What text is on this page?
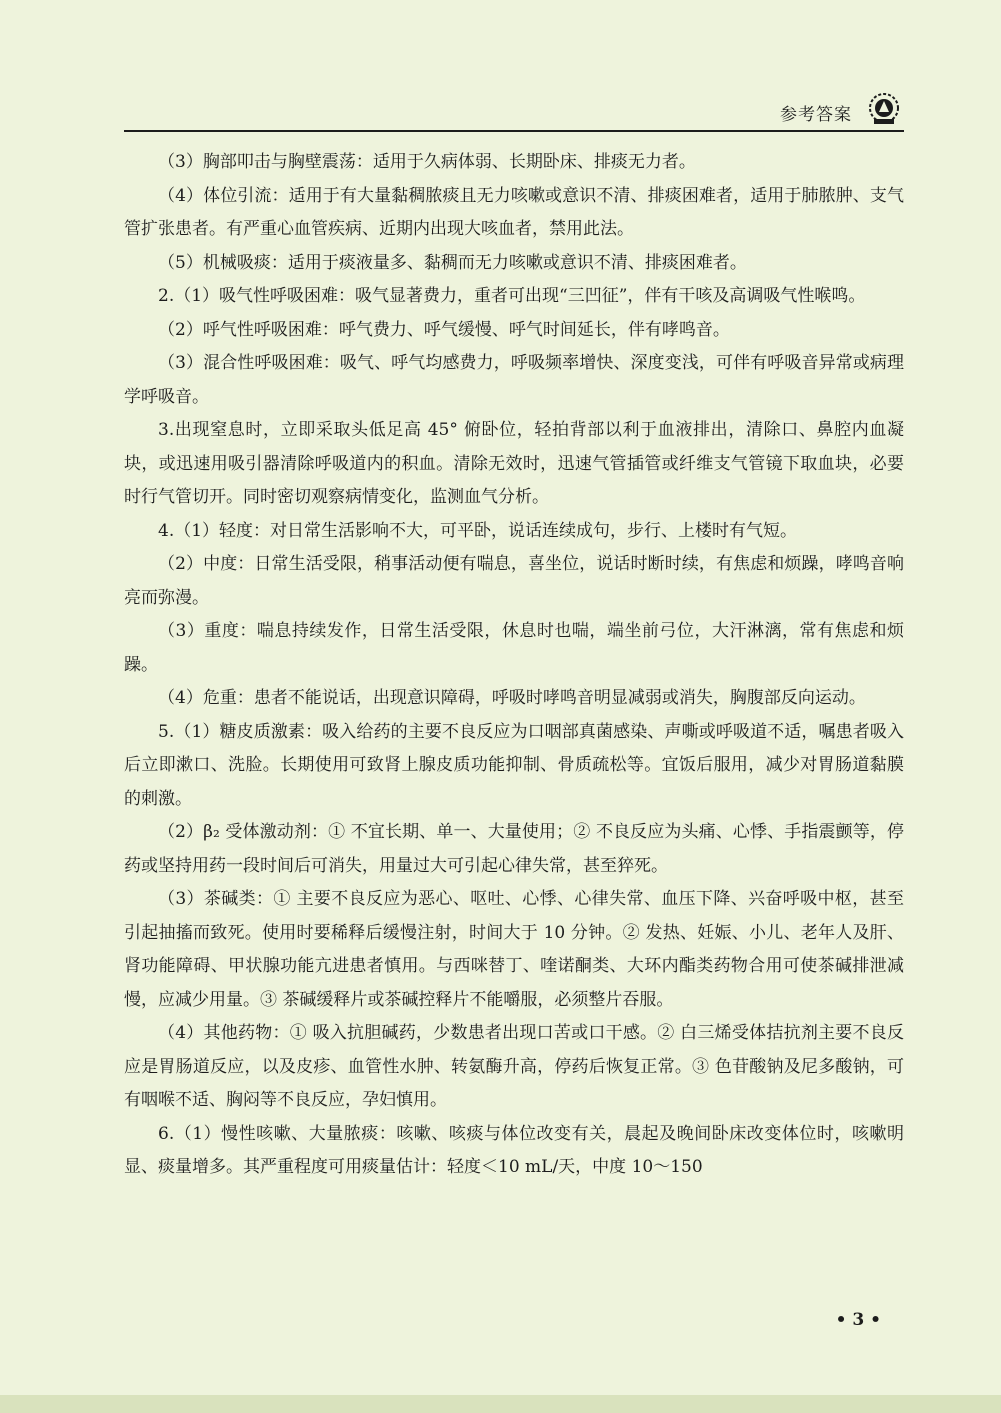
参考答案

（3）胸部叩击与胸壁震荡：适用于久病体弱、长期卧床、排痰无力者。

（4）体位引流：适用于有大量黏稠脓痰且无力咳嗽或意识不清、排痰困难者，适用于肺脓肿、支气管扩张患者。有严重心血管疾病、近期内出现大咳血者，禁用此法。

（5）机械吸痰：适用于痰液量多、黏稠而无力咳嗽或意识不清、排痰困难者。

2.（1）吸气性呼吸困难：吸气显著费力，重者可出现“三凹征”，伴有干咳及高调吸气性喉鸣。

（2）呼气性呼吸困难：呼气费力、呼气缓慢、呼气时间延长，伴有哮鸣音。

（3）混合性呼吸困难：吸气、呼气均感费力，呼吸频率增快、深度变浅，可伴有呼吸音异常或病理学呼吸音。

3.出现窒息时，立即采取头低足高 45° 俯卧位，轻拍背部以利于血液排出，清除口、鼻腔内血凝块，或迅速用吸引器清除呼吸道内的积血。清除无效时，迅速气管插管或纤维支气管镜下取血块，必要时行气管切开。同时密切观察病情变化，监测血气分析。

4.（1）轻度：对日常生活影响不大，可平卧，说话连续成句，步行、上楼时有气短。

（2）中度：日常生活受限，稍事活动便有喘息，喜坐位，说话时断时续，有焦虑和烦躁，哮鸣音响亮而弥漫。

（3）重度：喘息持续发作，日常生活受限，休息时也喘，端坐前弓位，大汗淋漓，常有焦虑和烦躁。

（4）危重：患者不能说话，出现意识障碍，呼吸时哮鸣音明显减弱或消失，胸腹部反向运动。

5.（1）糖皮质激素：吸入给药的主要不良反应为口咽部真菌感染、声嘶或呼吸道不适，嘱患者吸入后立即漱口、洗脸。长期使用可致肾上腺皮质功能抑制、骨质疏松等。宜饭后服用，减少对胃肠道黏膜的刺激。

（2）β₂ 受体激动剂：① 不宜长期、单一、大量使用；② 不良反应为头痛、心悸、手指震颤等，停药或坚持用药一段时间后可消失，用量过大可引起心律失常，甚至猝死。

（3）茶碱类：① 主要不良反应为恶心、呕吐、心悸、心律失常、血压下降、兴奋呼吸中枢，甚至引起抽搐而致死。使用时要稀释后缓慢注射，时间大于 10 分钟。② 发热、妊娠、小儿、老年人及肝、肾功能障碍、甲状腺功能亢进患者慎用。与西咪替丁、喹诺酮类、大环内酯类药物合用可使茶碱排泄减慢，应减少用量。③ 茶碱缓释片或茶碱控释片不能嚼服，必须整片吞服。

（4）其他药物：① 吸入抗胆碱药，少数患者出现口苦或口干感。② 白三烯受体拮抗剂主要不良反应是胃肠道反应，以及皮疹、血管性水肿、转氨酶升高，停药后恢复正常。③ 色苷酸钠及尼多酸钠，可有咽喉不适、胸闷等不良反应，孕妇慎用。

6.（1）慢性咳嗽、大量脓痰：咳嗽、咳痰与体位改变有关，晨起及晚间卧床改变体位时，咳嗽明显、痰量增多。其严重程度可用痰量估计：轻度＜10 mL/天，中度 10～150

• 3 •
